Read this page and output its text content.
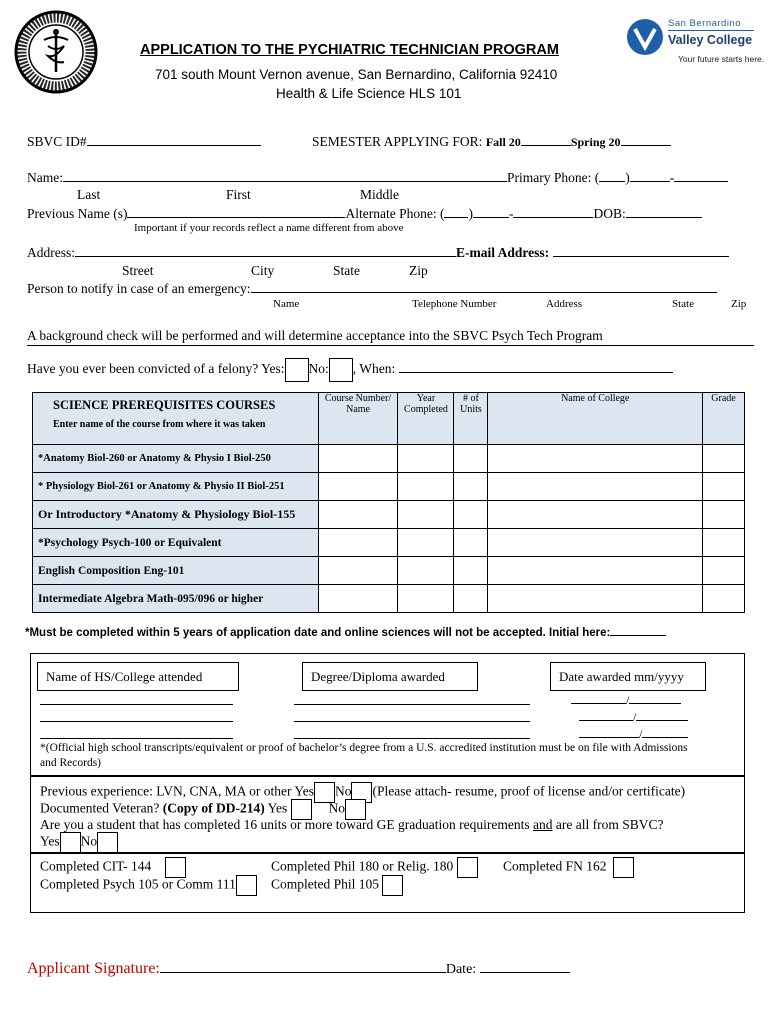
APPLICATION TO THE PYCHIATRIC TECHNICIAN PROGRAM
701 south Mount Vernon avenue, San Bernardino, California 92410
Health & Life Science HLS 101
San Bernardino
Valley College
Your future starts here.
SBVC ID#	SEMESTER APPLYING FOR: Fall 20	Spring 20
Name:	Primary Phone: ( )	-
Last	First	Middle
Previous Name (s)	Alternate Phone: ( )	-	DOB:
Important if your records reflect a name different from above
Address:	E-mail Address:
Street	City	State	Zip
Person to notify in case of an emergency:
Name	Telephone Number	Address	State	Zip
A background check will be performed and will determine acceptance into the SBVC Psych Tech Program
Have you ever been convicted of a felony? Yes: No: , When:
SCIENCE PREREQUISITES COURSES
Enter name of the course from where it was taken	Course Number/ Name	Year Completed	# of Units	Name of College	Grade
*Anatomy Biol-260 or Anatomy & Physio I Biol-250					
* Physiology Biol-261 or Anatomy & Physio II Biol-251					
Or Introductory *Anatomy & Physiology Biol-155					
*Psychology Psych-100 or Equivalent					
English Composition Eng-101					
Intermediate Algebra Math-095/096 or higher					
*Must be completed within 5 years of application date and online sciences will not be accepted. Initial here:
Name of HS/College attended	Degree/Diploma awarded	Date awarded mm/yyyy
/
/
/
*(Official high school transcripts/equivalent or proof of bachelor’s degree from a U.S. accredited institution must be on file with Admissions and Records)
Previous experience: LVN, CNA, MA or other Yes No (Please attach- resume, proof of license and/or certificate)
Documented Veteran? (Copy of DD-214) Yes	No
Are you a student that has completed 16 units or more toward GE graduation requirements and are all from SBVC?
Yes No
Completed CIT- 144	Completed Phil 180 or Relig. 180	Completed FN 162
Completed Psych 105 or Comm 111	Completed Phil 105
Applicant Signature:	Date:
